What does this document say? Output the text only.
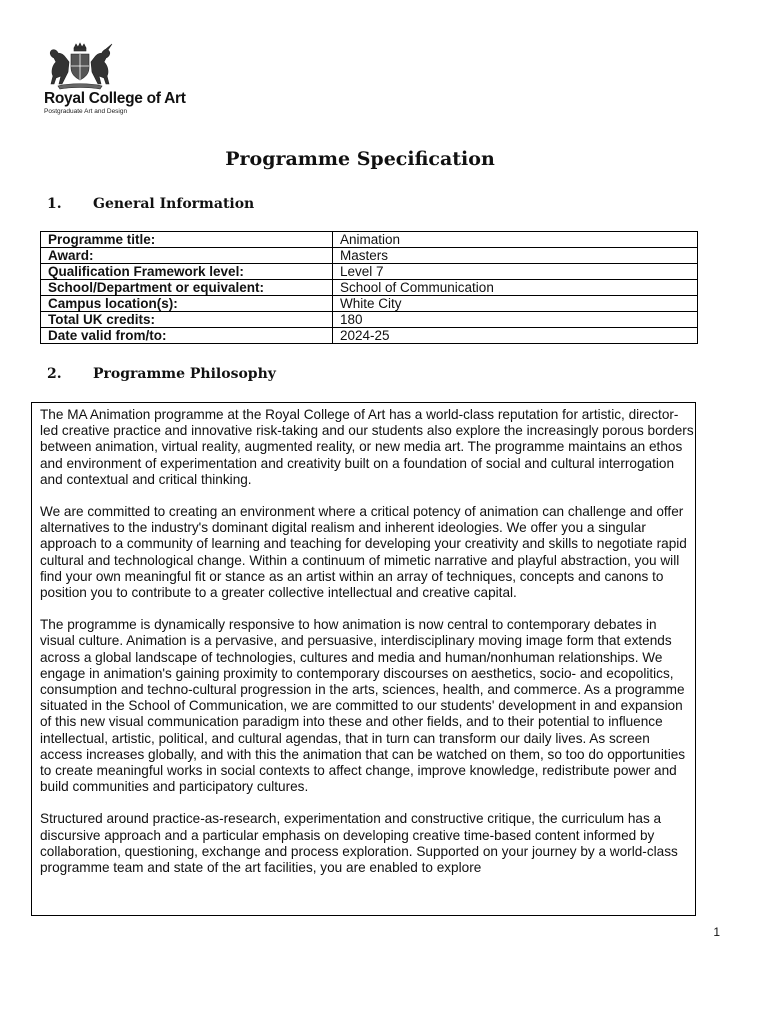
Royal College of Art
Postgraduate Art and Design
Programme Specification
1. General Information
Programme title:	Animation
Award:	Masters
Qualification Framework level:	Level 7
School/Department or equivalent:	School of Communication
Campus location(s):	White City
Total UK credits:	180
Date valid from/to:	2024-25
2. Programme Philosophy

The MA Animation programme at the Royal College of Art has a world-class reputation for artistic, director-led creative practice and innovative risk-taking and our students also explore the increasingly porous borders between animation, virtual reality, augmented reality, or new media art. The programme maintains an ethos and environment of experimentation and creativity built on a foundation of social and cultural interrogation and contextual and critical thinking.

We are committed to creating an environment where a critical potency of animation can challenge and offer alternatives to the industry's dominant digital realism and inherent ideologies. We offer you a singular approach to a community of learning and teaching for developing your creativity and skills to negotiate rapid cultural and technological change. Within a continuum of mimetic narrative and playful abstraction, you will find your own meaningful fit or stance as an artist within an array of techniques, concepts and canons to position you to contribute to a greater collective intellectual and creative capital.

The programme is dynamically responsive to how animation is now central to contemporary debates in visual culture. Animation is a pervasive, and persuasive, interdisciplinary moving image form that extends across a global landscape of technologies, cultures and media and human/nonhuman relationships. We engage in animation's gaining proximity to contemporary discourses on aesthetics, socio- and ecopolitics, consumption and techno-cultural progression in the arts, sciences, health, and commerce. As a programme situated in the School of Communication, we are committed to our students' development in and expansion of this new visual communication paradigm into these and other fields, and to their potential to influence intellectual, artistic, political, and cultural agendas, that in turn can transform our daily lives. As screen access increases globally, and with this the animation that can be watched on them, so too do opportunities to create meaningful works in social contexts to affect change, improve knowledge, redistribute power and build communities and participatory cultures.

Structured around practice-as-research, experimentation and constructive critique, the curriculum has a discursive approach and a particular emphasis on developing creative time-based content informed by collaboration, questioning, exchange and process exploration. Supported on your journey by a world-class programme team and state of the art facilities, you are enabled to explore

1
